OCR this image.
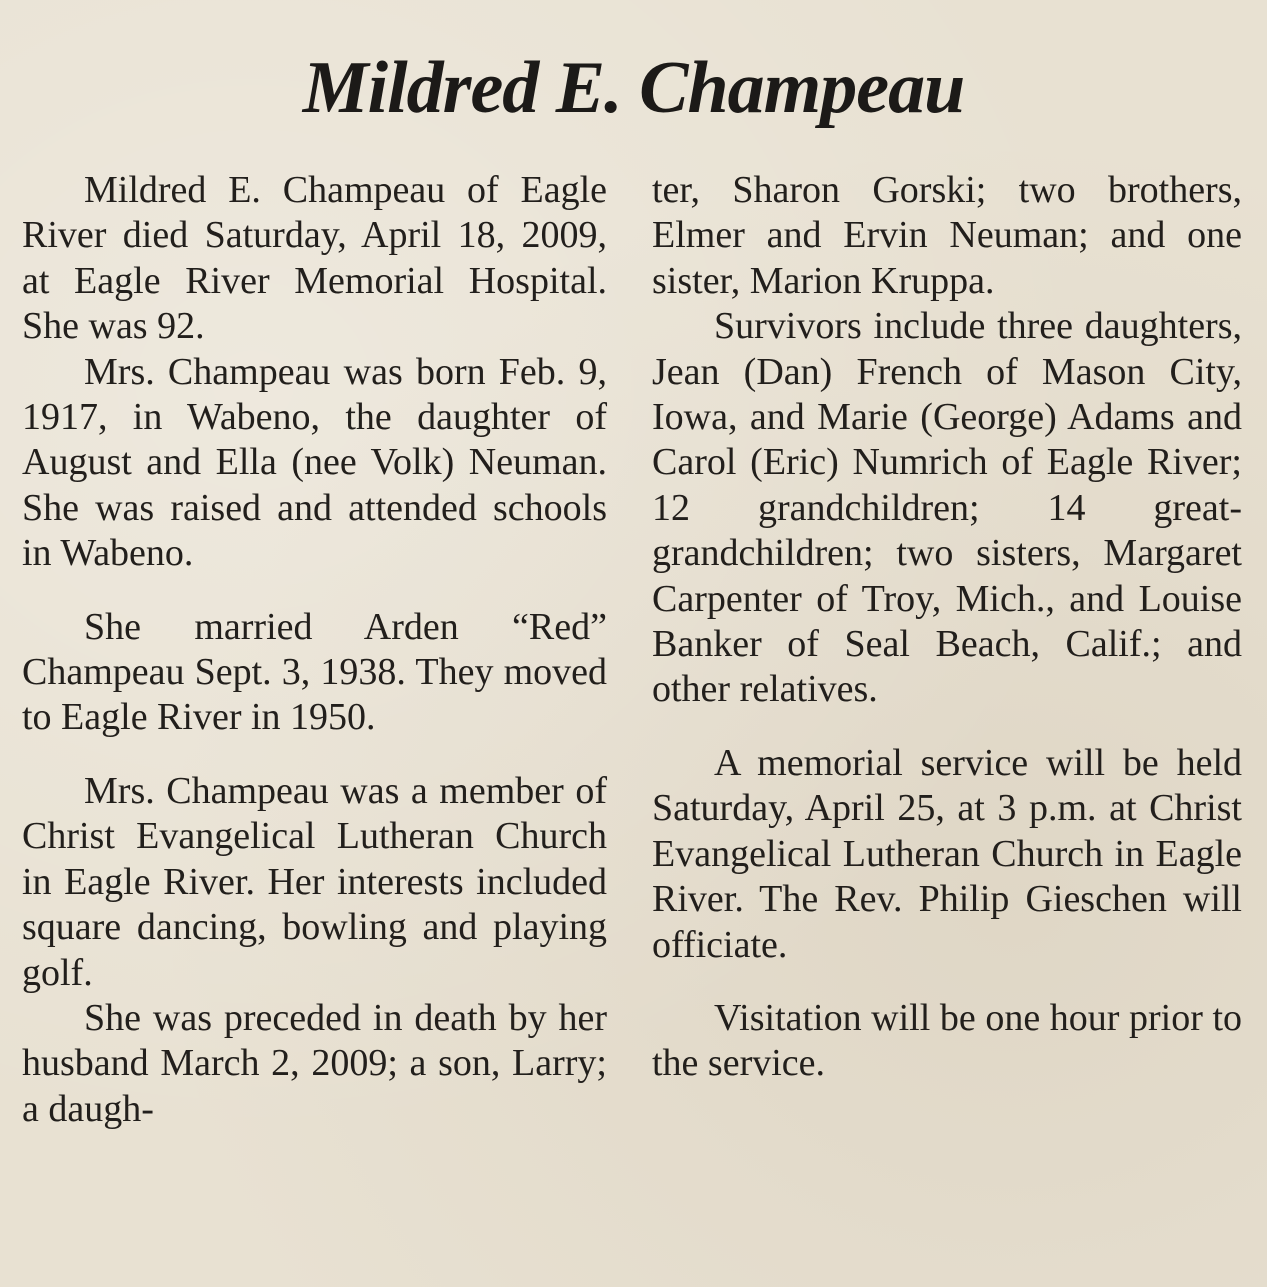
Mildred E. Champeau

Mildred E. Champeau of Eagle River died Saturday, April 18, 2009, at Eagle River Memorial Hospital. She was 92.

Mrs. Champeau was born Feb. 9, 1917, in Wabeno, the daughter of August and Ella (nee Volk) Neuman. She was raised and attended schools in Wabeno.

She married Arden “Red” Champeau Sept. 3, 1938. They moved to Eagle River in 1950.

Mrs. Champeau was a member of Christ Evangelical Lutheran Church in Eagle River. Her interests included square dancing, bowling and playing golf.

She was preceded in death by her husband March 2, 2009; a son, Larry; a daugh-

ter, Sharon Gorski; two brothers, Elmer and Ervin Neuman; and one sister, Marion Kruppa.

Survivors include three daughters, Jean (Dan) French of Mason City, Iowa, and Marie (George) Adams and Carol (Eric) Numrich of Eagle River; 12 grandchildren; 14 great-grandchildren; two sisters, Margaret Carpenter of Troy, Mich., and Louise Banker of Seal Beach, Calif.; and other relatives.

A memorial service will be held Saturday, April 25, at 3 p.m. at Christ Evangelical Lutheran Church in Eagle River. The Rev. Philip Gieschen will officiate.

Visitation will be one hour prior to the service.
